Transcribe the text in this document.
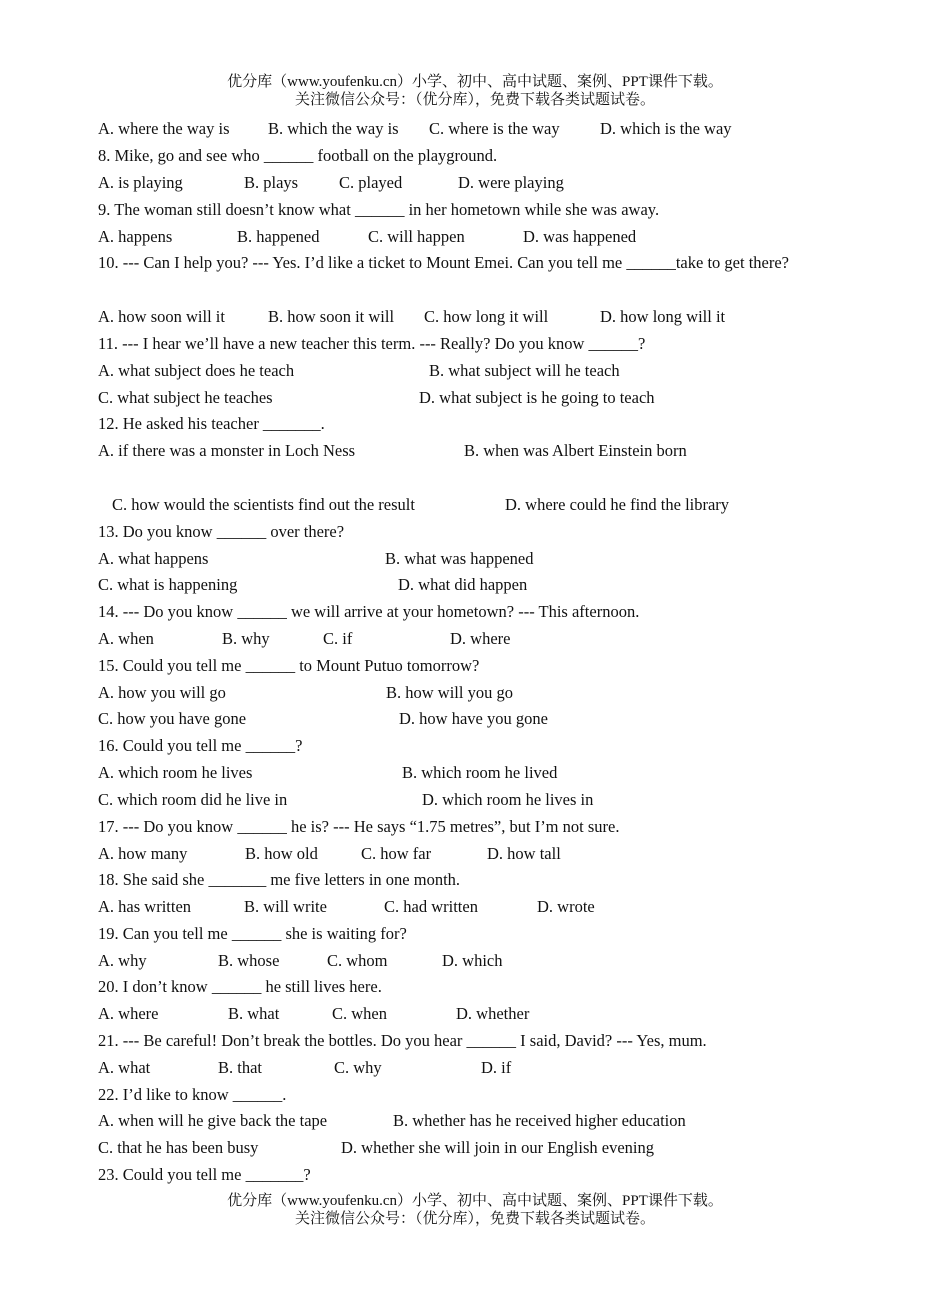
优分库（www.youfenku.cn）小学、初中、高中试题、案例、PPT课件下载。
关注微信公众号：（优分库），免费下载各类试题试卷。
A. where the way is B. which the way is C. where is the way D. which is the way
8. Mike, go and see who ______ football on the playground.
A. is playing	B. plays C. played	D. were playing
9. The woman still doesn’t know what ______ in her hometown while she was away.
A. happens	B. happened	C. will happen	D. was happened
10. --- Can I help you? --- Yes. I’d like a ticket to Mount Emei. Can you tell me ______take to get there?
A. how soon will it	B. how soon it will C. how long it will	D. how long will it
11. --- I hear we’ll have a new teacher this term. --- Really? Do you know ______?
A. what subject does he teach	B. what subject will he teach
C. what subject he teaches	D. what subject is he going to teach
12. He asked his teacher _______.
A. if there was a monster in Loch Ness	B. when was Albert Einstein born
C. how would the scientists find out the result	D. where could he find the library
13. Do you know ______ over there?
A. what happens	B. what was happened
C. what is happening	D. what did happen
14. --- Do you know ______ we will arrive at your hometown? --- This afternoon.
A. when	B. why	C. if	D. where
15. Could you tell me ______ to Mount Putuo tomorrow?
A. how you will go	B. how will you go
C. how you have gone	D. how have you gone
16. Could you tell me ______?
A. which room he lives	B. which room he lived
C. which room did he live in	D. which room he lives in
17. --- Do you know ______ he is? --- He says “1.75 metres”, but I’m not sure.
A. how many	B. how old	C. how far	D. how tall
18. She said she _______ me five letters in one month.
A. has written	B. will write	C. had written	D. wrote
19. Can you tell me ______ she is waiting for?
A. why	B. whose	C. whom	D. which
20. I don’t know ______ he still lives here.
A. where	B. what	C. when	D. whether
21. --- Be careful! Don’t break the bottles. Do you hear ______ I said, David? --- Yes, mum.
A. what	B. that	C. why	D. if
22. I’d like to know ______.
A. when will he give back the tape	B. whether has he received higher education
C. that he has been busy	D. whether she will join in our English evening
23. Could you tell me _______?
优分库（www.youfenku.cn）小学、初中、高中试题、案例、PPT课件下载。
关注微信公众号：（优分库），免费下载各类试题试卷。
